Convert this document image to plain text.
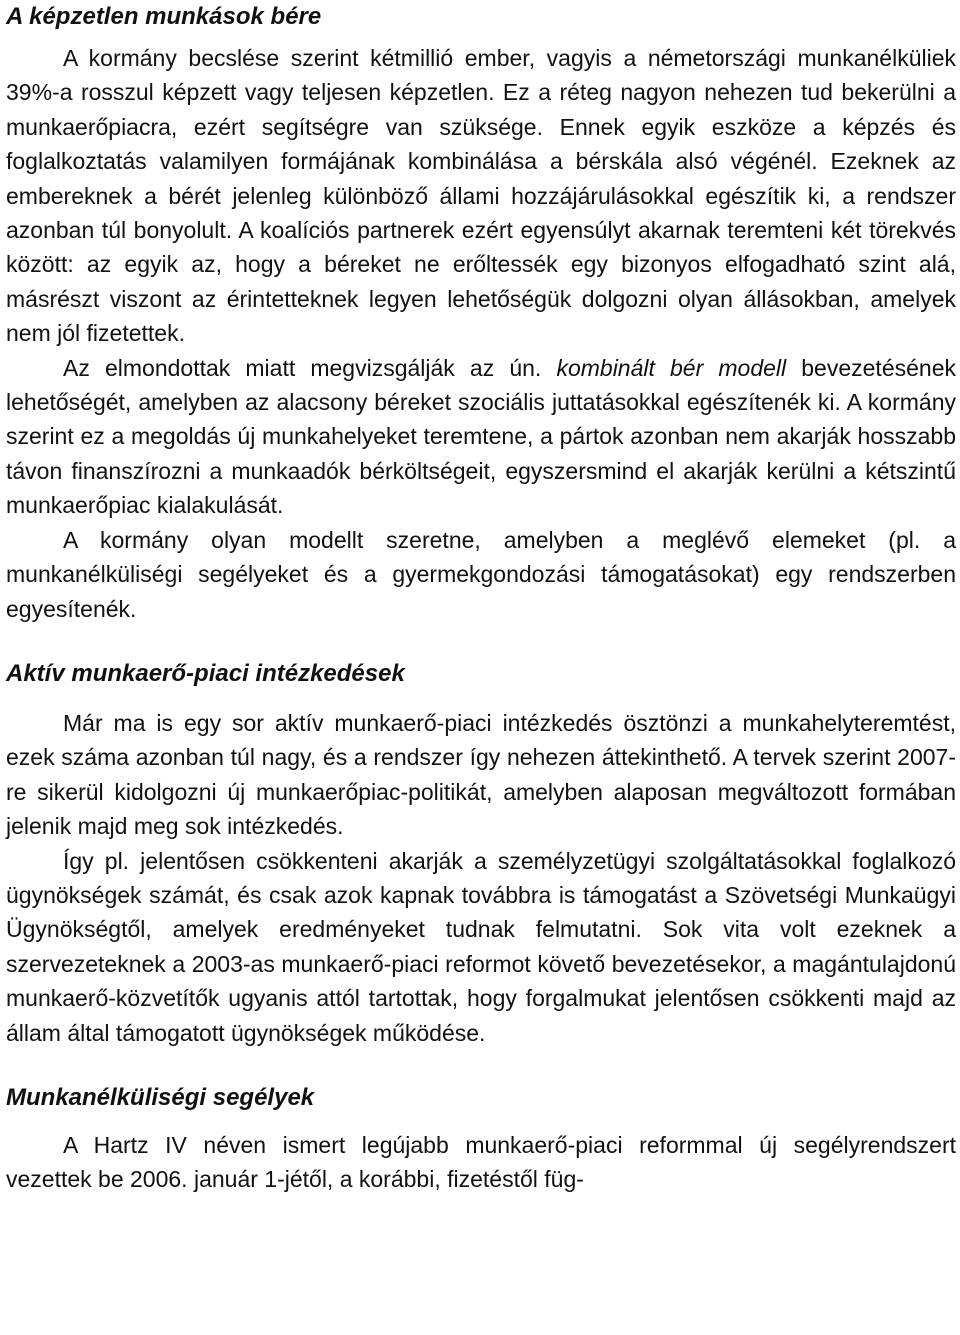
A képzetlen munkások bére

A kormány becslése szerint kétmillió ember, vagyis a németországi munkanélküliek 39%-a rosszul képzett vagy teljesen képzetlen. Ez a réteg nagyon nehezen tud bekerülni a munkaerőpiacra, ezért segítségre van szüksége. Ennek egyik eszköze a képzés és foglalkoztatás valamilyen formájának kombinálása a bérskála alsó végénél. Ezeknek az embereknek a bérét jelenleg különböző állami hozzájárulásokkal egészítik ki, a rendszer azonban túl bonyolult. A koalíciós partnerek ezért egyensúlyt akarnak teremteni két törekvés között: az egyik az, hogy a béreket ne erőltessék egy bizonyos elfogadható szint alá, másrészt viszont az érintetteknek legyen lehetőségük dolgozni olyan állásokban, amelyek nem jól fizetettek.

Az elmondottak miatt megvizsgálják az ún. kombinált bér modell bevezetésének lehetőségét, amelyben az alacsony béreket szociális juttatásokkal egészítenék ki. A kormány szerint ez a megoldás új munkahelyeket teremtene, a pártok azonban nem akarják hosszabb távon finanszírozni a munkaadók bérköltségeit, egyszersmind el akarják kerülni a kétszintű munkaerőpiac kialakulását.

A kormány olyan modellt szeretne, amelyben a meglévő elemeket (pl. a munkanélküliségi segélyeket és a gyermekgondozási támogatásokat) egy rendszerben egyesítenék.

Aktív munkaerő-piaci intézkedések

Már ma is egy sor aktív munkaerő-piaci intézkedés ösztönzi a munkahelyteremtést, ezek száma azonban túl nagy, és a rendszer így nehezen áttekinthető. A tervek szerint 2007-re sikerül kidolgozni új munkaerőpiac-politikát, amelyben alaposan megváltozott formában jelenik majd meg sok intézkedés.

Így pl. jelentősen csökkenteni akarják a személyzetügyi szolgáltatásokkal foglalkozó ügynökségek számát, és csak azok kapnak továbbra is támogatást a Szövetségi Munkaügyi Ügynökségtől, amelyek eredményeket tudnak felmutatni. Sok vita volt ezeknek a szervezeteknek a 2003-as munkaerő-piaci reformot követő bevezetésekor, a magántulajdonú munkaerő-közvetítők ugyanis attól tartottak, hogy forgalmukat jelentősen csökkenti majd az állam által támogatott ügynökségek működése.

Munkanélküliségi segélyek

A Hartz IV néven ismert legújabb munkaerő-piaci reformmal új segélyrendszert vezettek be 2006. január 1-jétől, a korábbi, fizetéstől füg-
